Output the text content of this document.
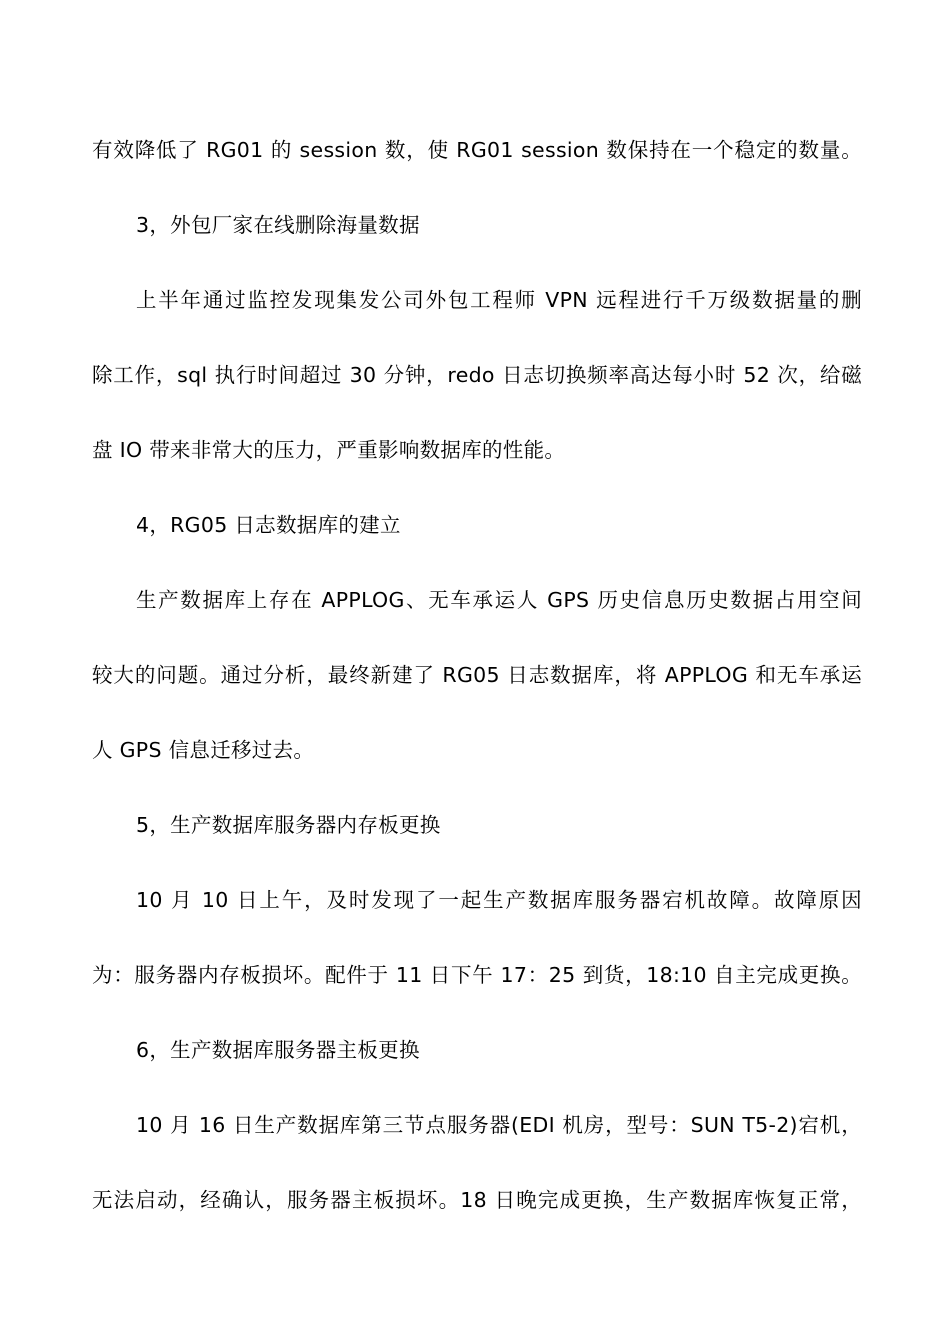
有效降低了 RG01 的 session 数，使 RG01 session 数保持在一个稳定的数量。
3，外包厂家在线删除海量数据
上半年通过监控发现集发公司外包工程师 VPN 远程进行千万级数据量的删
除工作，sql 执行时间超过 30 分钟，redo 日志切换频率高达每小时 52 次，给磁
盘 IO 带来非常大的压力，严重影响数据库的性能。
4，RG05 日志数据库的建立
生产数据库上存在 APPLOG、无车承运人 GPS 历史信息历史数据占用空间
较大的问题。通过分析，最终新建了 RG05 日志数据库，将 APPLOG 和无车承运
人 GPS 信息迁移过去。
5，生产数据库服务器内存板更换
10 月 10 日上午，及时发现了一起生产数据库服务器宕机故障。故障原因
为：服务器内存板损坏。配件于 11 日下午 17：25 到货，18:10 自主完成更换。
6，生产数据库服务器主板更换
10 月 16 日生产数据库第三节点服务器(EDI 机房，型号：SUN T5-2)宕机，
无法启动，经确认，服务器主板损坏。18 日晚完成更换，生产数据库恢复正常，
